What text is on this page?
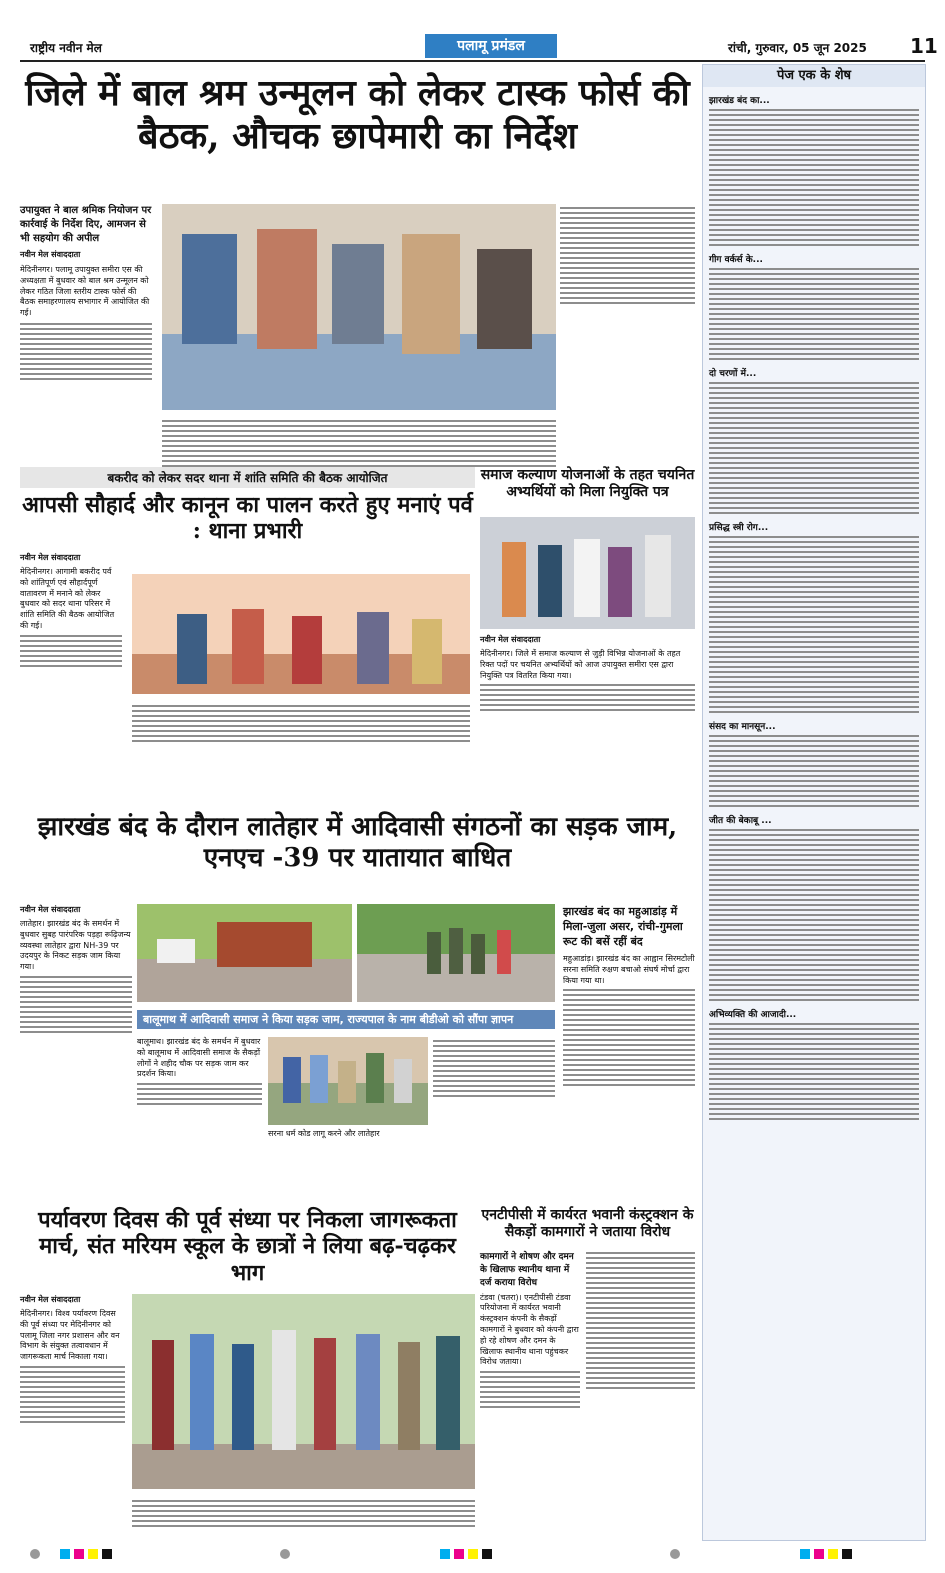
राष्ट्रीय नवीन मेल	पलामू प्रमंडल	रांची, गुरुवार, 05 जून 2025 11
जिले में बाल श्रम उन्मूलन को लेकर टास्क फोर्स की बैठक, औचक छापेमारी का निर्देश
उपायुक्त ने बाल श्रमिक नियोजन पर कार्रवाई के निर्देश दिए, आमजन से भी सहयोग की अपील
नवीन मेल संवाददाता
मेदिनीनगर। पलामू उपायुक्त समीरा एस की अध्यक्षता में बुधवार को बाल श्रम उन्मूलन को लेकर गठित जिला स्तरीय टास्क फोर्स की बैठक समाहरणालय सभागार में आयोजित की गई।
बकरीद को लेकर सदर थाना में शांति समिति की बैठक आयोजित
आपसी सौहार्द और कानून का पालन करते हुए मनाएं पर्व : थाना प्रभारी
नवीन मेल संवाददाता
मेदिनीनगर। आगामी बकरीद पर्व को शांतिपूर्ण एवं सौहार्दपूर्ण वातावरण में मनाने को लेकर बुधवार को सदर थाना परिसर में शांति समिति की बैठक आयोजित की गई।
समाज कल्याण योजनाओं के तहत चयनित अभ्यर्थियों को मिला नियुक्ति पत्र
नवीन मेल संवाददाता
मेदिनीनगर। जिले में समाज कल्याण से जुड़ी विभिन्न योजनाओं के तहत रिक्त पदों पर चयनित अभ्यर्थियों को आज उपायुक्त समीरा एस द्वारा नियुक्ति पत्र वितरित किया गया।
झारखंड बंद के दौरान लातेहार में आदिवासी संगठनों का सड़क जाम, एनएच -39 पर यातायात बाधित
नवीन मेल संवाददाता
लातेहार। झारखंड बंद के समर्थन में बुधवार सुबह पारंपरिक पड़हा रूढ़िजन्य व्यवस्था लातेहार द्वारा NH-39 पर उदयपुर के निकट सड़क जाम किया गया।
झारखंड बंद का महुआडांड़ में मिला-जुला असर, रांची-गुमला रूट की बसें रहीं बंद
महुआडांड़। झारखंड बंद का आह्वान सिरमटोली सरना समिति रुक्षण बचाओ संघर्ष मोर्चा द्वारा किया गया था।
बालूमाथ में आदिवासी समाज ने किया सड़क जाम, राज्यपाल के नाम बीडीओ को सौंपा ज्ञापन
बालूमाथ। झारखंड बंद के समर्थन में बुधवार को बालूमाथ में आदिवासी समाज के सैकड़ों लोगों ने शहीद चौक पर सड़क जाम कर प्रदर्शन किया।
सरना धर्म कोड लागू करने और लातेहार
पर्यावरण दिवस की पूर्व संध्या पर निकला जागरूकता मार्च, संत मरियम स्कूल के छात्रों ने लिया बढ़-चढ़कर भाग
नवीन मेल संवाददाता
मेदिनीनगर। विश्व पर्यावरण दिवस की पूर्व संध्या पर मेदिनीनगर को पलामू जिला नगर प्रशासन और वन विभाग के संयुक्त तत्वावधान में जागरूकता मार्च निकाला गया।
एनटीपीसी में कार्यरत भवानी कंस्ट्रक्शन के सैकड़ों कामगारों ने जताया विरोध
कामगारों ने शोषण और दमन के खिलाफ स्थानीय थाना में दर्ज कराया विरोध
टंडवा (चतरा)। एनटीपीसी टंडवा परियोजना में कार्यरत भवानी कंस्ट्रक्शन कंपनी के सैकड़ों कामगारों ने बुधवार को कंपनी द्वारा हो रहे शोषण और दमन के खिलाफ स्थानीय थाना पहुंचकर विरोध जताया।
पेज एक के शेष
झारखंड बंद का...
गीग वर्कर्स के...
दो चरणों में...
प्रसिद्ध स्त्री रोग...
संसद का मानसून...
जीत की बेकाबू ...
अभिव्यक्ति की आजादी...
